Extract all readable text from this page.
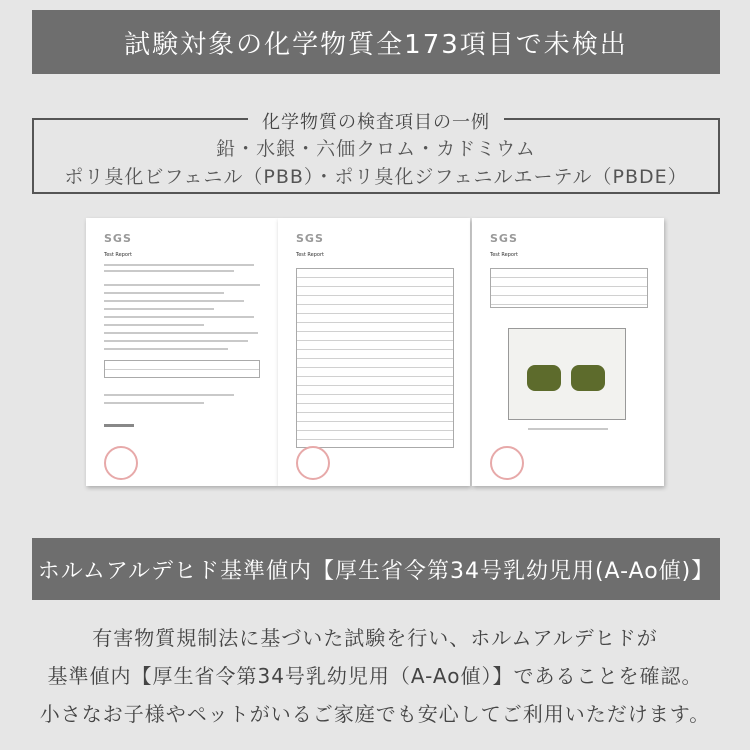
試験対象の化学物質全173項目で未検出
化学物質の検査項目の一例
鉛・水銀・六価クロム・カドミウム
ポリ臭化ビフェニル（PBB）・ポリ臭化ジフェニルエーテル（PBDE）
SGS
Test Report
SGS
Test Report
SGS
Test Report
ホルムアルデヒド基準値内【厚生省令第34号乳幼児用(A-Ao値)】
有害物質規制法に基づいた試験を行い、ホルムアルデヒドが
基準値内【厚生省令第34号乳幼児用（A-Ao値）】であることを確認。
小さなお子様やペットがいるご家庭でも安心してご利用いただけます。
